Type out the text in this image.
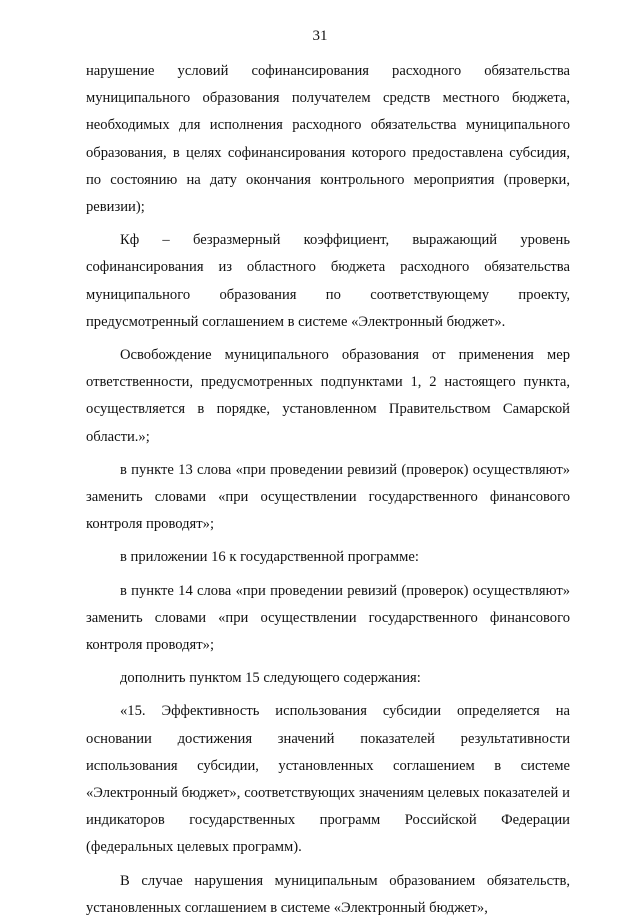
31

нарушение условий софинансирования расходного обязательства муниципального образования получателем средств местного бюджета, необходимых для исполнения расходного обязательства муниципального образования, в целях софинансирования которого предоставлена субсидия, по состоянию на дату окончания контрольного мероприятия (проверки, ревизии);

Кф – безразмерный коэффициент, выражающий уровень софинансирования из областного бюджета расходного обязательства муниципального образования по соответствующему проекту, предусмотренный соглашением в системе «Электронный бюджет».

Освобождение муниципального образования от применения мер ответственности, предусмотренных подпунктами 1, 2 настоящего пункта, осуществляется в порядке, установленном Правительством Самарской области.»;

в пункте 13 слова «при проведении ревизий (проверок) осуществляют» заменить словами «при осуществлении государственного финансового контроля проводят»;

в приложении 16 к государственной программе:

в пункте 14 слова «при проведении ревизий (проверок) осуществляют» заменить словами «при осуществлении государственного финансового контроля проводят»;

дополнить пунктом 15 следующего содержания:

«15. Эффективность использования субсидии определяется на основании достижения значений показателей результативности использования субсидии, установленных соглашением в системе «Электронный бюджет», соответствующих значениям целевых показателей и индикаторов государственных программ Российской Федерации (федеральных целевых программ).

В случае нарушения муниципальным образованием обязательств, установленных соглашением в системе «Электронный бюджет»,
